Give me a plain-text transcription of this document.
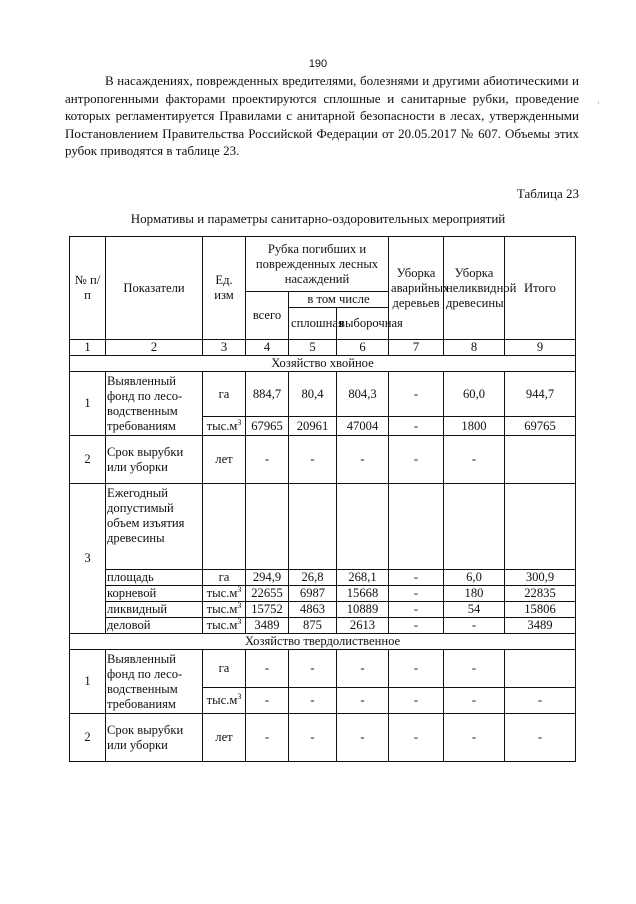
190
·
В насаждениях, поврежденных вредителями, болезнями и другими абиотическими и антропогенными факторами проектируются сплошные и санитарные рубки, проведение которых регламентируется Правилами с анитарной безопасности в лесах, утвержденными Постановлением Правительства Российской Федерации от 20.05.2017 № 607. Объемы этих рубок приводятся в таблице 23.
Таблица 23
Нормативы и параметры санитарно-оздоровительных мероприятий
№ п/п	Показатели	Ед. изм	Рубка погибших и поврежденных лесных насаждений			Уборка аварийных деревьев	Уборка неликвидной древесины	Итого
			всего	в том числе				
				сплошная	выборочная			
1	2	3	4	5	6	7	8	9
Хозяйство хвойное								
1	Выявленный фонд по лесо-водственным требованиям	га	884,7	80,4	804,3	-	60,0	944,7
		$тыс.м^3$	67965	20961	47004	-	1800	69765
2	Срок вырубки или уборки	лет	-	-	-	-	-	
3	Ежегодный допустимый объем изъятия древесины							
	площадь	га	294,9	26,8	268,1	-	6,0	300,9
	корневой	$тыс.м^3$	22655	6987	15668	-	180	22835
	ликвидный	$тыс.м^3$	15752	4863	10889	-	54	15806
	деловой	$тыс.м^3$	3489	875	2613	-	-	3489
Хозяйство твердолиственное								
1	Выявленный фонд по лесо-водственным требованиям	га	-	-	-	-	-	
		$тыс.м^3$	-	-	-	-	-	-
2	Срок вырубки или уборки	лет	-	-	-	-	-	-
